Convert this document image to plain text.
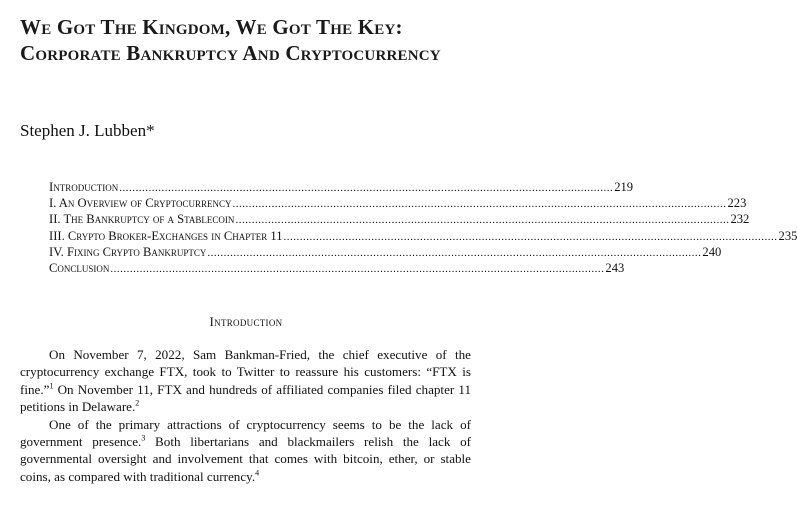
We Got The Kingdom, We Got The Key: Corporate Bankruptcy And Cryptocurrency
Stephen J. Lubben*
Introduction ........................................................................................................................................................ 219
I. An Overview of Cryptocurrency ........................................................................................................................................................ 223
II. The Bankruptcy of a Stablecoin ........................................................................................................................................................ 232
III. Crypto Broker-Exchanges in Chapter 11 ........................................................................................................................................................ 235
IV. Fixing Crypto Bankruptcy ........................................................................................................................................................ 240
Conclusion ........................................................................................................................................................ 243
Introduction

On November 7, 2022, Sam Bankman-Fried, the chief executive of the cryptocurrency exchange FTX, took to Twitter to reassure his customers: “FTX is fine.”$^1$ On November 11, FTX and hundreds of affiliated companies filed chapter 11 petitions in Delaware.$^2$

One of the primary attractions of cryptocurrency seems to be the lack of government presence.$^3$ Both libertarians and blackmailers relish the lack of governmental oversight and involvement that comes with bitcoin, ether, or stable coins, as compared with traditional currency.$^4$
